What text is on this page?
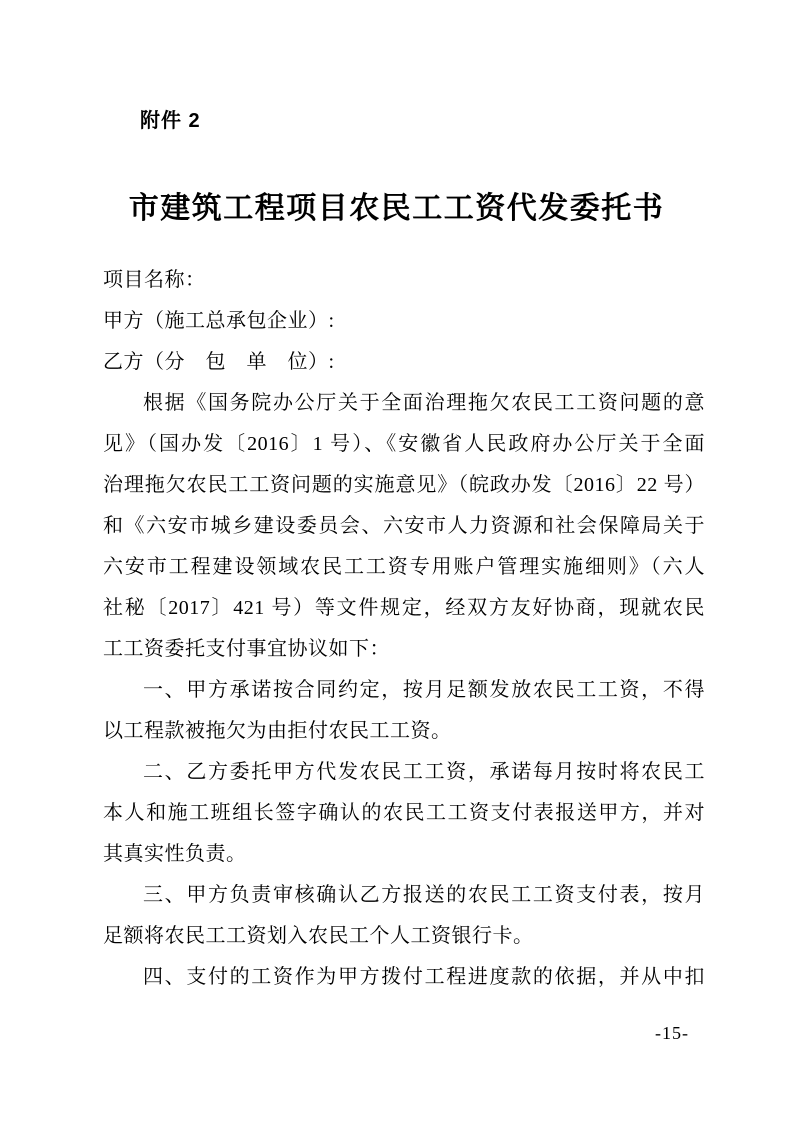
附件 2
市建筑工程项目农民工工资代发委托书
项目名称：
甲方（施工总承包企业）:
乙方（分　包　单　位）:
根据《国务院办公厅关于全面治理拖欠农民工工资问题的意
见》（国办发〔2016〕1 号）、《安徽省人民政府办公厅关于全面
治理拖欠农民工工资问题的实施意见》（皖政办发〔2016〕22 号）
和《六安市城乡建设委员会、六安市人力资源和社会保障局关于
六安市工程建设领域农民工工资专用账户管理实施细则》（六人
社秘〔2017〕421 号）等文件规定，经双方友好协商，现就农民
工工资委托支付事宜协议如下：
一、甲方承诺按合同约定，按月足额发放农民工工资，不得
以工程款被拖欠为由拒付农民工工资。
二、乙方委托甲方代发农民工工资，承诺每月按时将农民工
本人和施工班组长签字确认的农民工工资支付表报送甲方，并对
其真实性负责。
三、甲方负责审核确认乙方报送的农民工工资支付表，按月
足额将农民工工资划入农民工个人工资银行卡。
四、支付的工资作为甲方拨付工程进度款的依据，并从中扣
-15-
